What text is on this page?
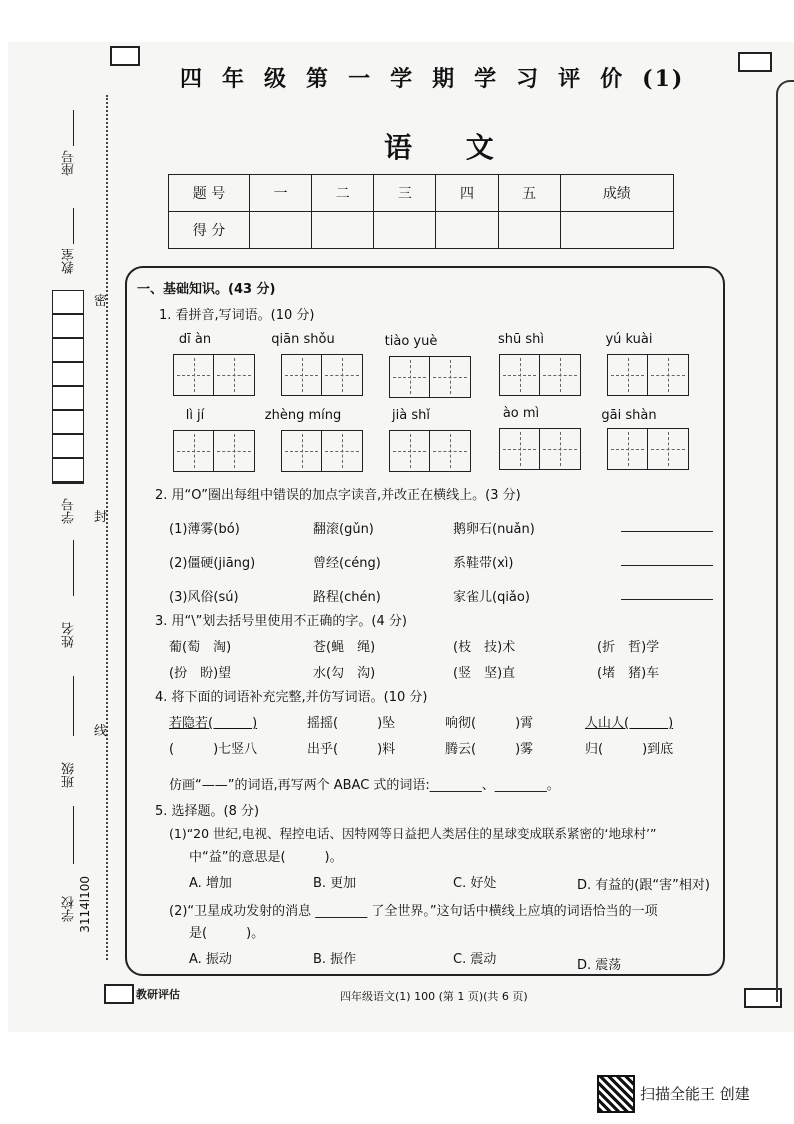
座号
教室
学号
姓名
班级
学校 3114l100
密
封
线
四 年 级 第 一 学 期 学 习 评 价 (1)
语 文
题 号	一	二	三	四	五	成绩
得 分						
一、基础知识。(43 分)
1. 看拼音,写词语。(10 分)
dī àn	qiān shǒu	tiào yuè	shū shì	yú kuài
lì jí	zhèng míng	jià shǐ	ào mì	gāi shàn
2. 用“O”圈出每组中错误的加点字读音,并改正在横线上。(3 分)
(1)薄雾(bó)	翻滚(gǔn)	鹅卵石(nuǎn)
(2)僵硬(jiāng)	曾经(céng)	系鞋带(xì)
(3)风俗(sú)	路程(chén)	家雀儿(qiǎo)
3. 用“\”划去括号里使用不正确的字。(4 分)
葡(萄　淘)	苍(蝇　绳)	(枝　技)术	(折　哲)学
(扮　盼)望	水(勾　沟)	(竖　坚)直	(堵　猪)车
4. 将下面的词语补充完整,并仿写词语。(10 分)
若隐若(　　　)	摇摇(　　　)坠	响彻(　　　)霄	人山人(　　　)
(　　　)七竖八	出乎(　　　)料	腾云(　　　)雾	归(　　　)到底
仿画“——”的词语,再写两个 ABAC 式的词语:________、________。
5. 选择题。(8 分)
(1)“20 世纪,电视、程控电话、因特网等日益把人类居住的星球变成联系紧密的‘地球村’”
中“益”的意思是(　　　)。
A. 增加	B. 更加	C. 好处	D. 有益的(跟“害”相对)
(2)“卫星成功发射的消息 ________ 了全世界。”这句话中横线上应填的词语恰当的一项
是(　　　)。
A. 振动	B. 振作	C. 震动	D. 震荡
教研评估	四年级语文(1) 100 (第 1 页)(共 6 页)
扫描全能王 创建
